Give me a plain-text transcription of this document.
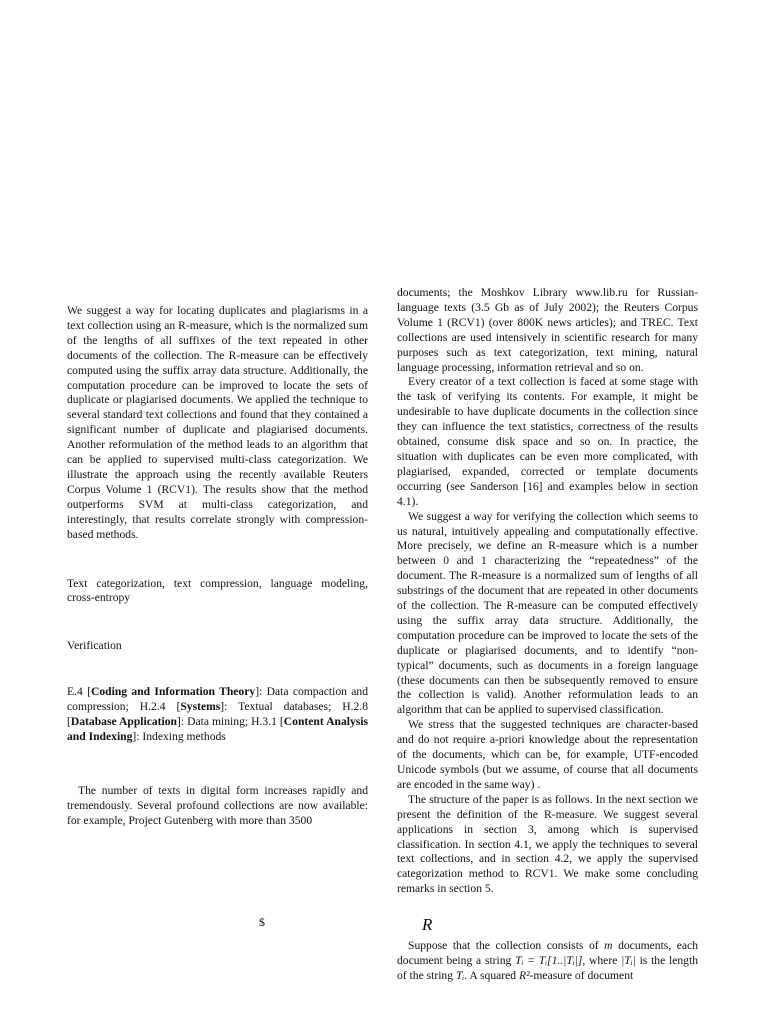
We suggest a way for locating duplicates and plagiarisms in a text collection using an R-measure, which is the normalized sum of the lengths of all suffixes of the text repeated in other documents of the collection. The R-measure can be effectively computed using the suffix array data structure. Additionally, the computation procedure can be improved to locate the sets of duplicate or plagiarised documents. We applied the technique to several standard text collections and found that they contained a significant number of duplicate and plagiarised documents. Another reformulation of the method leads to an algorithm that can be applied to supervised multi-class categorization. We illustrate the approach using the recently available Reuters Corpus Volume 1 (RCV1). The results show that the method outperforms SVM at multi-class categorization, and interestingly, that results correlate strongly with compression-based methods.

Text categorization, text compression, language modeling, cross-entropy

Verification

E.4 [Coding and Information Theory]: Data compaction and compression; H.2.4 [Systems]: Textual databases; H.2.8 [Database Application]: Data mining; H.3.1 [Content Analysis and Indexing]: Indexing methods

The number of texts in digital form increases rapidly and tremendously. Several profound collections are now available: for example, Project Gutenberg with more than 3500

documents; the Moshkov Library www.lib.ru for Russian-language texts (3.5 Gb as of July 2002); the Reuters Corpus Volume 1 (RCV1) (over 800K news articles); and TREC. Text collections are used intensively in scientific research for many purposes such as text categorization, text mining, natural language processing, information retrieval and so on.

Every creator of a text collection is faced at some stage with the task of verifying its contents. For example, it might be undesirable to have duplicate documents in the collection since they can influence the text statistics, correctness of the results obtained, consume disk space and so on. In practice, the situation with duplicates can be even more complicated, with plagiarised, expanded, corrected or template documents occurring (see Sanderson [16] and examples below in section 4.1).

We suggest a way for verifying the collection which seems to us natural, intuitively appealing and computationally effective. More precisely, we define an R-measure which is a number between 0 and 1 characterizing the “repeatedness” of the document. The R-measure is a normalized sum of lengths of all substrings of the document that are repeated in other documents of the collection. The R-measure can be computed effectively using the suffix array data structure. Additionally, the computation procedure can be improved to locate the sets of the duplicate or plagiarised documents, and to identify “non-typical” documents, such as documents in a foreign language (these documents can then be subsequently removed to ensure the collection is valid). Another reformulation leads to an algorithm that can be applied to supervised classification.

We stress that the suggested techniques are character-based and do not require a-priori knowledge about the representation of the documents, which can be, for example, UTF-encoded Unicode symbols (but we assume, of course that all documents are encoded in the same way) .

The structure of the paper is as follows. In the next section we present the definition of the R-measure. We suggest several applications in section 3, among which is supervised classification. In section 4.1, we apply the techniques to several text collections, and in section 4.2, we apply the supervised categorization method to RCV1. We make some concluding remarks in section 5.

R

Suppose that the collection consists of m documents, each document being a string Tᵢ = Tᵢ[1..|Tᵢ|], where |Tᵢ| is the length of the string Tᵢ. A squared R²-measure of document

$
